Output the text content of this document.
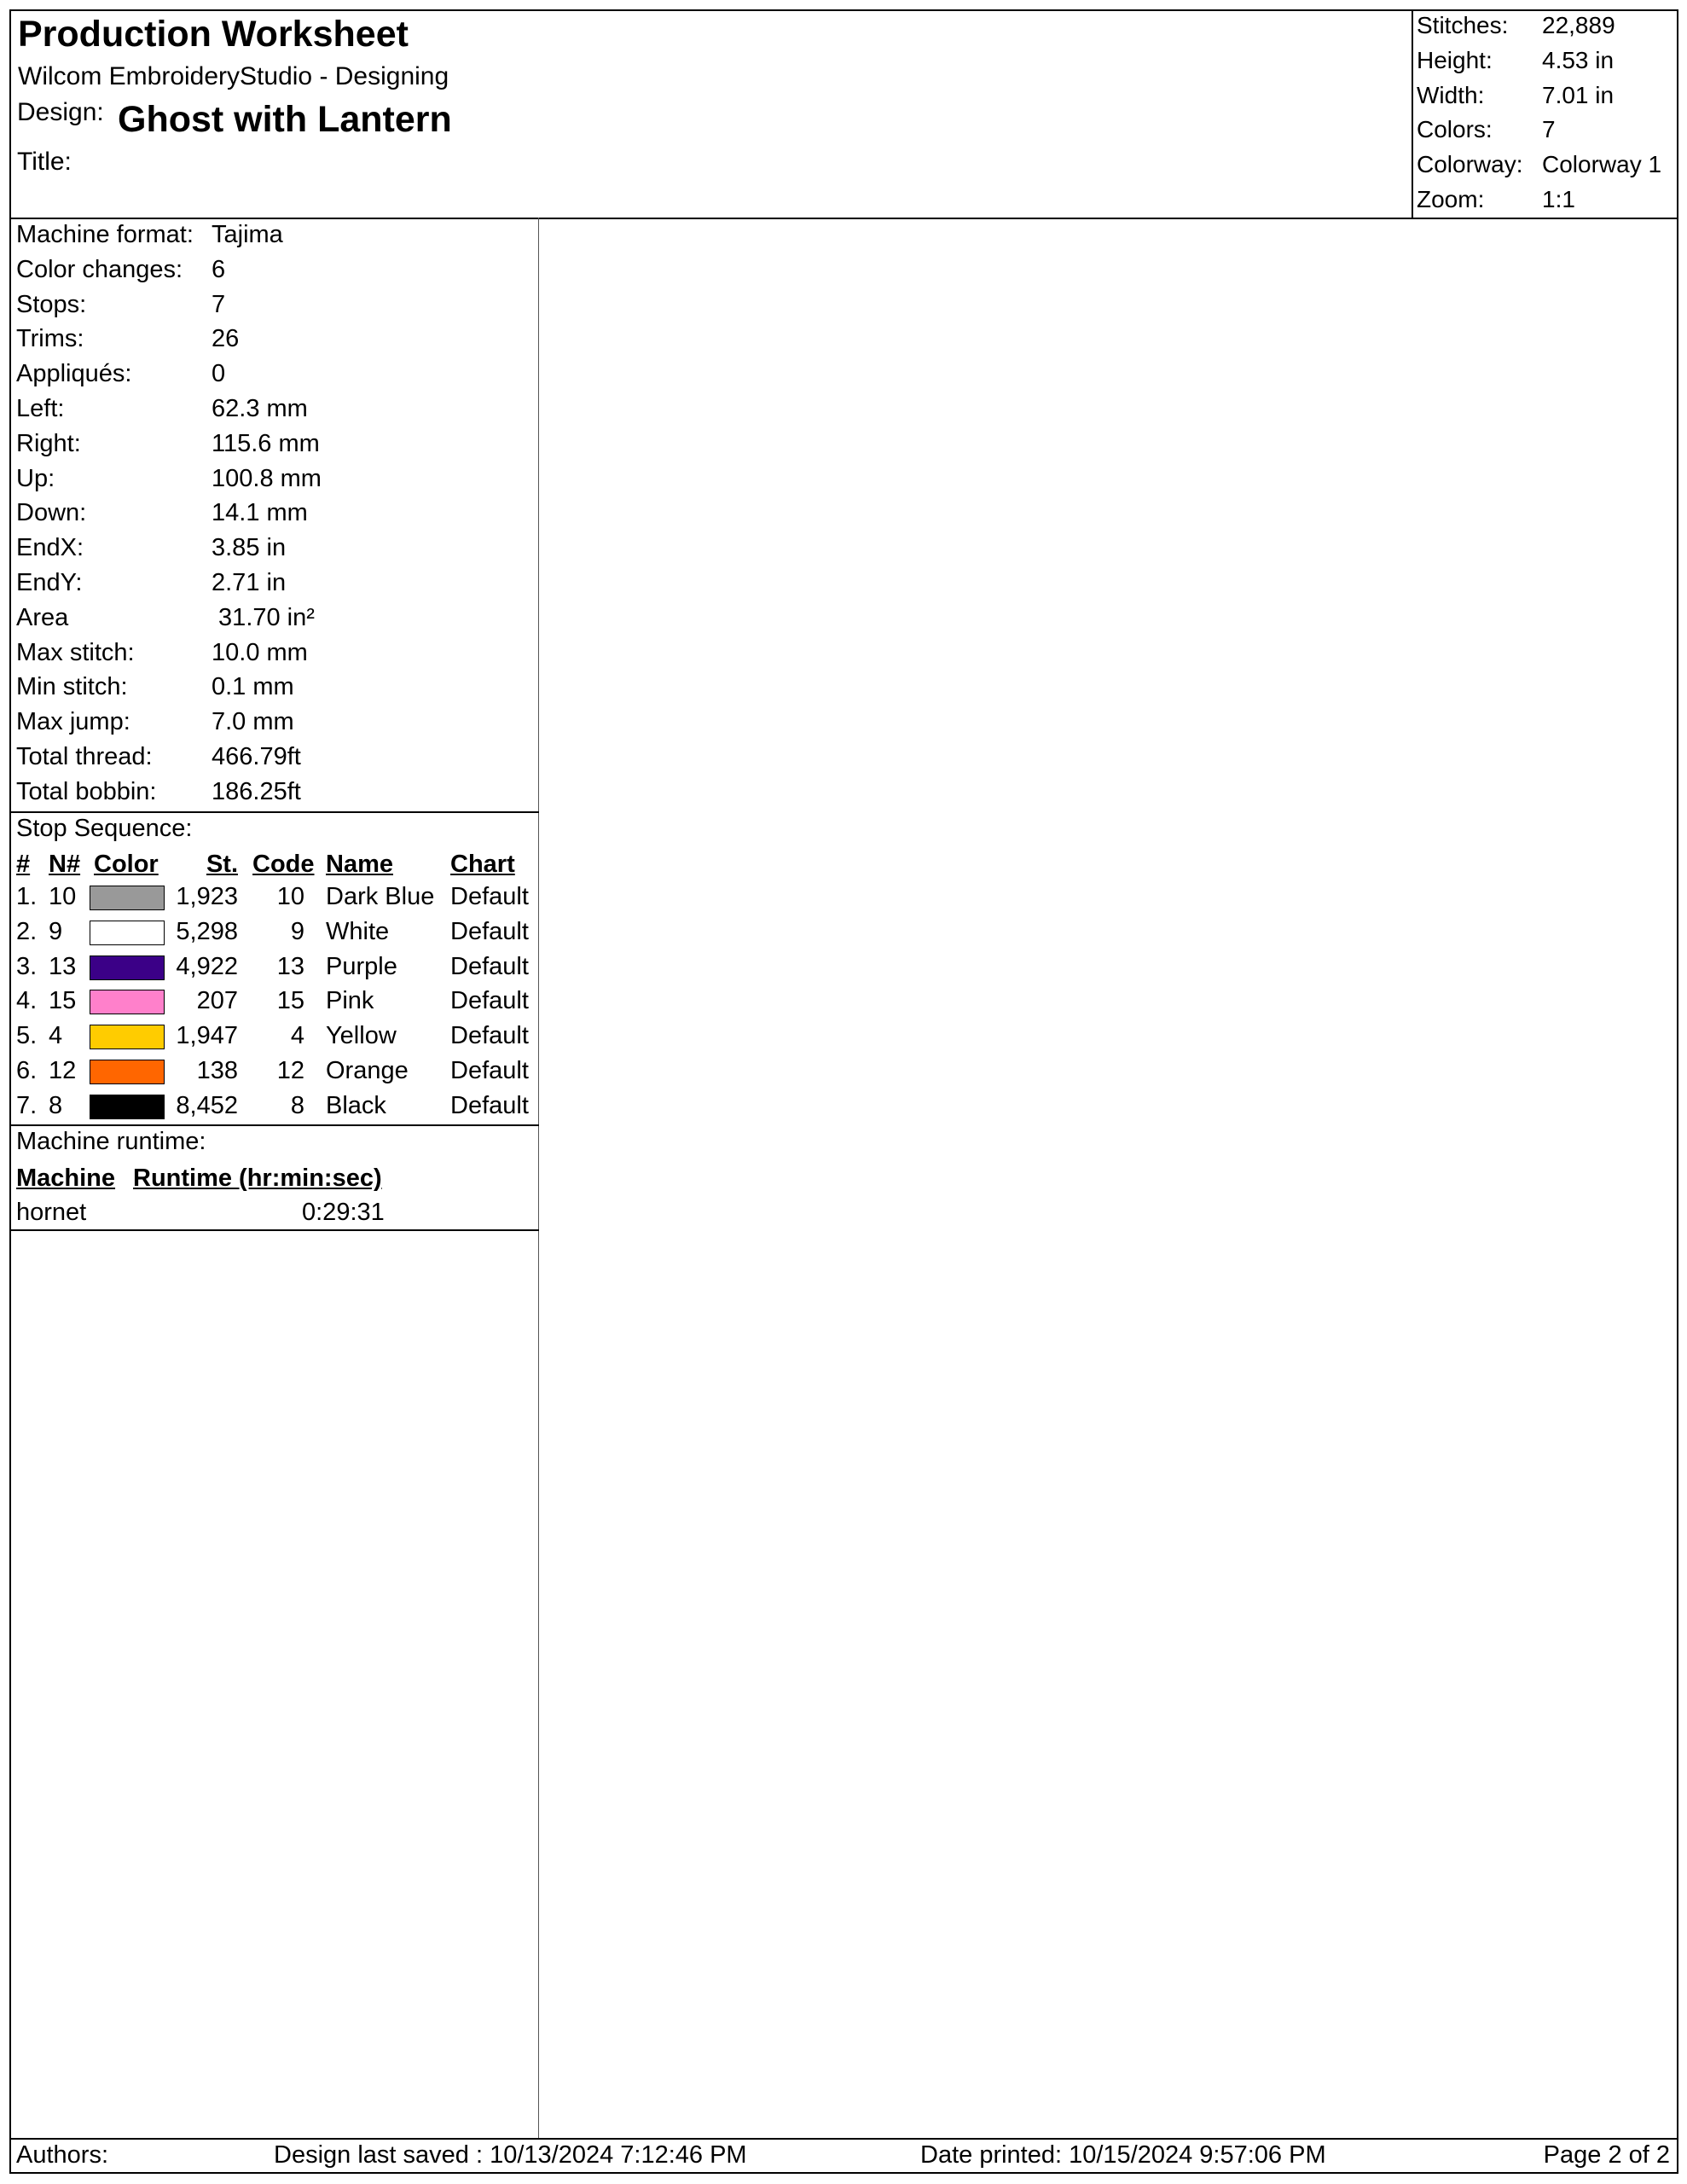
Production Worksheet
Wilcom EmbroideryStudio - Designing
Design: Ghost with Lantern
Title:
Stitches: 22,889
Height: 4.53 in
Width: 7.01 in
Colors: 7
Colorway: Colorway 1
Zoom: 1:1
Machine format: Tajima
Color changes: 6
Stops:	7
Trims:	26
Appliqués:	0
Left:	62.3 mm
Right:	115.6 mm
Up:	100.8 mm
Down:	14.1 mm
EndX:	3.85 in
EndY:	2.71 in
Area	31.70 in²
Max stitch:	10.0 mm
Min stitch:	0.1 mm
Max jump:	7.0 mm
Total thread: 466.79ft
Total bobbin: 186.25ft
Stop Sequence:
# N# Color St. Code Name Chart
1. 10	1,923 10 Dark Blue Default
2. 9	5,298 9 White Default
3. 13	4,922 13 Purple Default
4. 15	207 15 Pink	Default
5. 4	1,947 4 Yellow Default
6. 12	138 12 Orange Default
7. 8	8,452 8 Black	Default
Machine runtime:
Machine Runtime (hr:min:sec)
hornet	0:29:31
Authors:	Design last saved : 10/13/2024 7:12:46 PM	Date printed: 10/15/2024 9:57:06 PM	Page 2 of 2
